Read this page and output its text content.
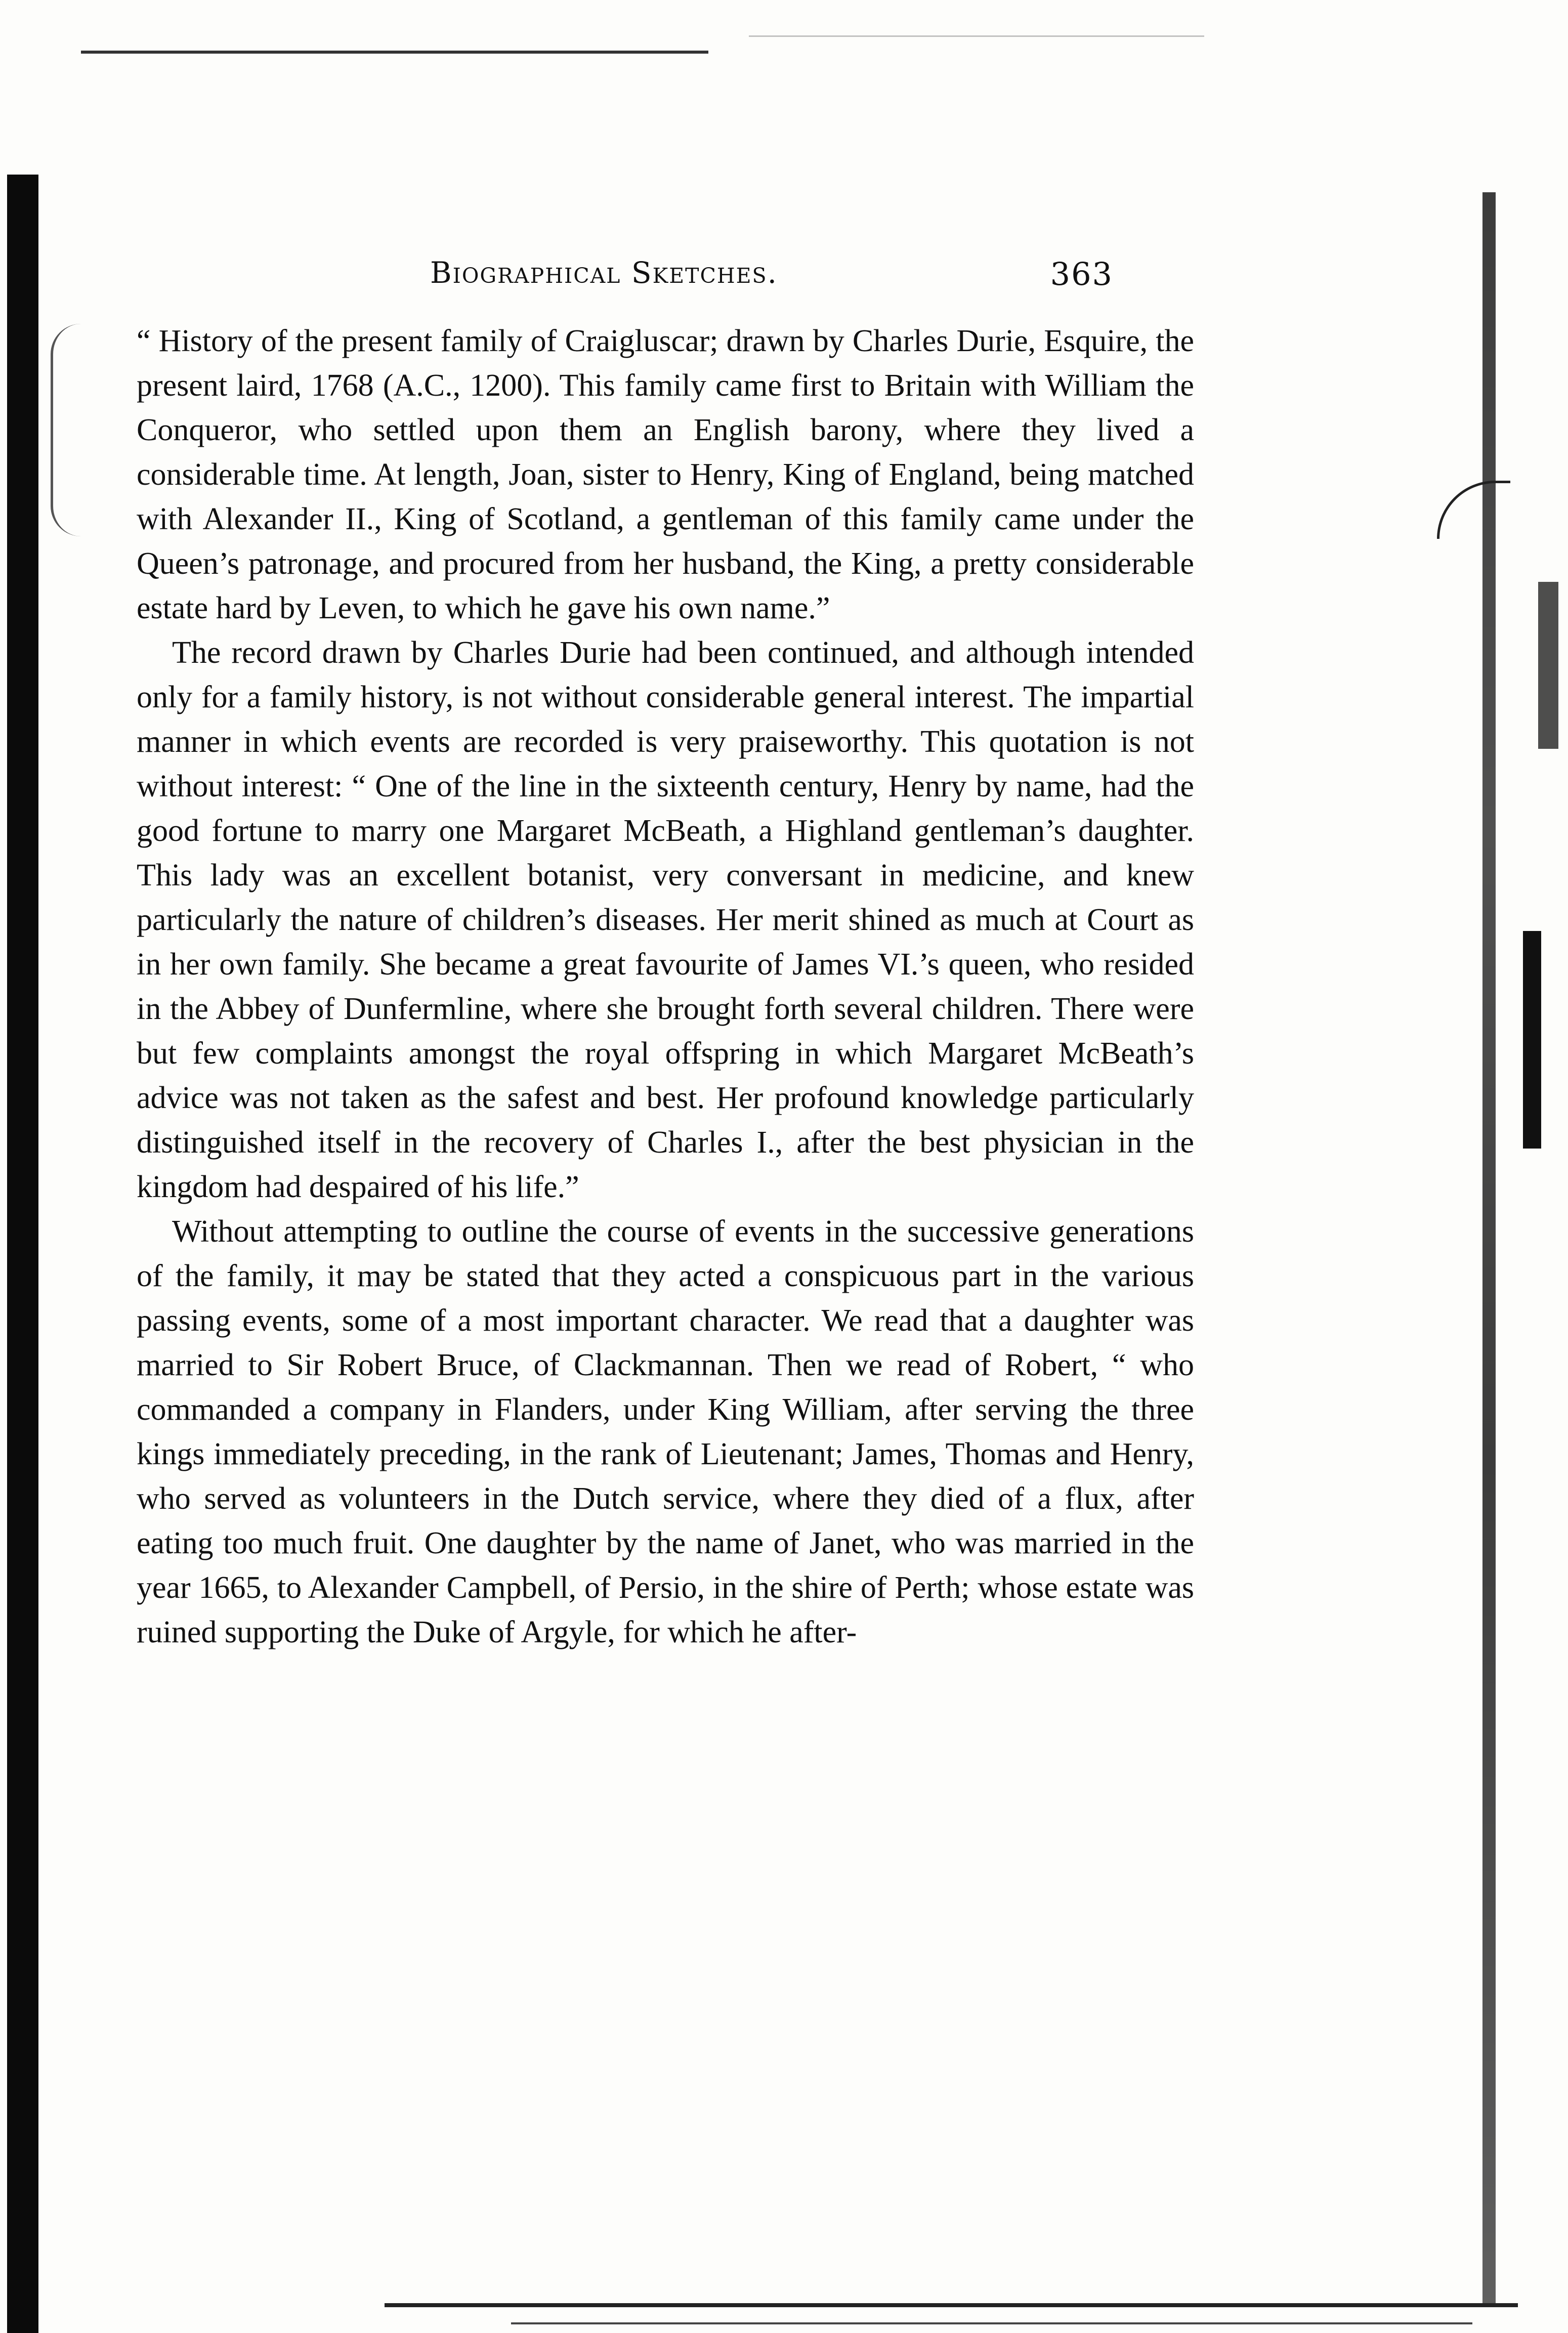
Biographical Sketches.	363

“ History of the present family of Craigluscar; drawn by Charles Durie, Esquire, the present laird, 1768 (A.C., 1200). This family came first to Britain with William the Conqueror, who settled upon them an English barony, where they lived a considerable time. At length, Joan, sister to Henry, King of England, being matched with Alexander II., King of Scotland, a gentleman of this family came under the Queen’s patronage, and procured from her husband, the King, a pretty considerable estate hard by Leven, to which he gave his own name.”

The record drawn by Charles Durie had been continued, and although intended only for a family history, is not without considerable general interest. The impartial manner in which events are recorded is very praiseworthy. This quotation is not without interest: “ One of the line in the sixteenth century, Henry by name, had the good fortune to marry one Margaret McBeath, a Highland gentleman’s daughter. This lady was an excellent botanist, very conversant in medicine, and knew particularly the nature of children’s diseases. Her merit shined as much at Court as in her own family. She became a great favourite of James VI.’s queen, who resided in the Abbey of Dunfermline, where she brought forth several children. There were but few complaints amongst the royal offspring in which Margaret McBeath’s advice was not taken as the safest and best. Her profound knowledge particularly distinguished itself in the recovery of Charles I., after the best physician in the kingdom had despaired of his life.”

Without attempting to outline the course of events in the successive generations of the family, it may be stated that they acted a conspicuous part in the various passing events, some of a most important character. We read that a daughter was married to Sir Robert Bruce, of Clackmannan. Then we read of Robert, “ who commanded a company in Flanders, under King William, after serving the three kings immediately preceding, in the rank of Lieutenant; James, Thomas and Henry, who served as volunteers in the Dutch service, where they died of a flux, after eating too much fruit. One daughter by the name of Janet, who was married in the year 1665, to Alexander Campbell, of Persio, in the shire of Perth; whose estate was ruined supporting the Duke of Argyle, for which he after-
